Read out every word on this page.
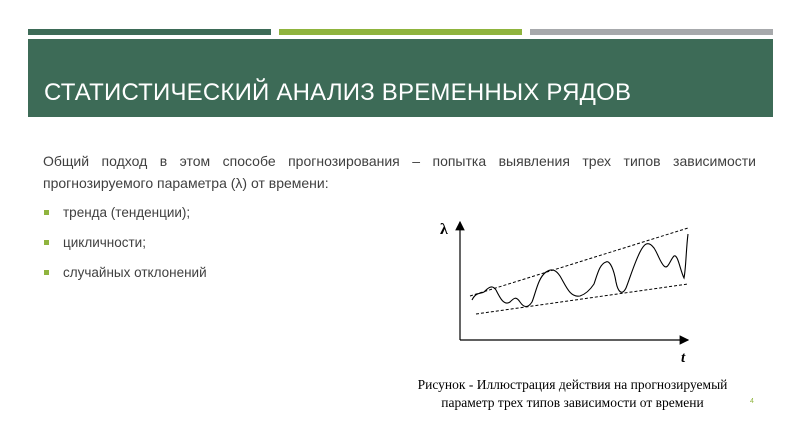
СТАТИСТИЧЕСКИЙ АНАЛИЗ ВРЕМЕННЫХ РЯДОВ

Общий подход в этом способе прогнозирования – попытка выявления трех типов зависимости прогнозируемого параметра (λ) от времени:

тренда (тенденции);
цикличности;
случайных отклонений
λ
t

Рисунок - Иллюстрация действия на прогнозируемый
параметр трех типов зависимости от времени	4
